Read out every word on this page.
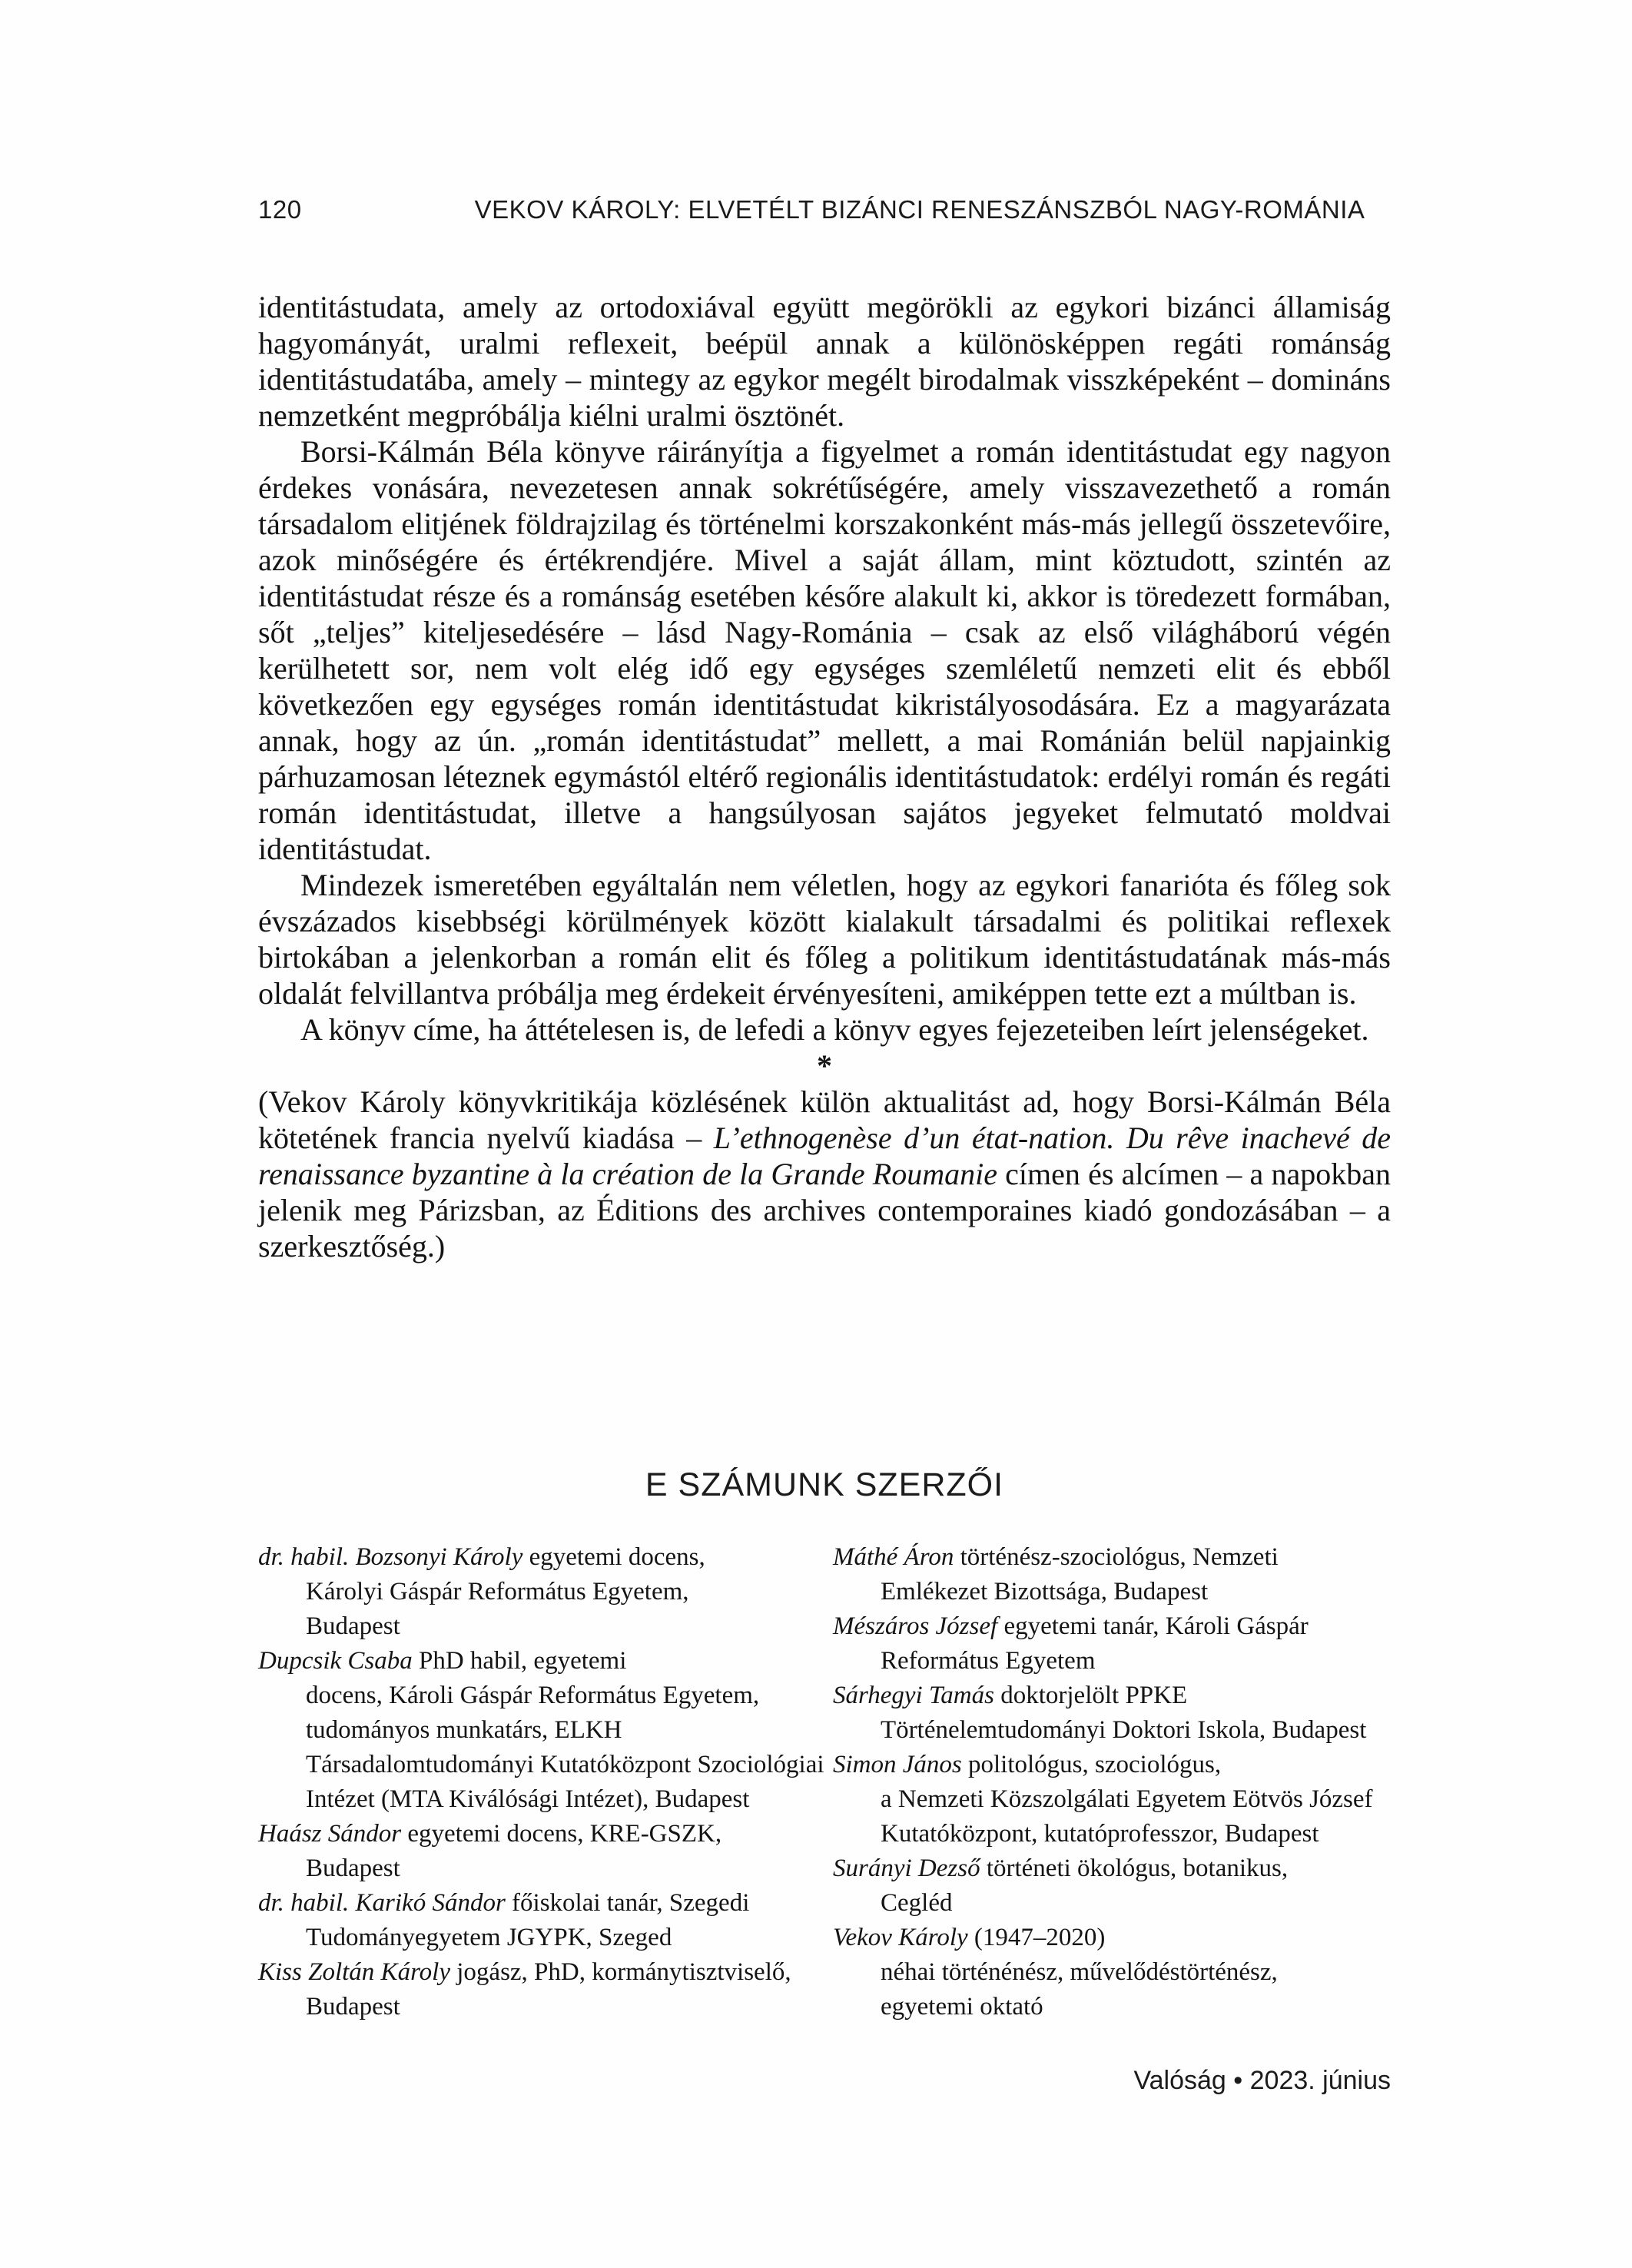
120	VEKOV KÁROLY: ELVETÉLT BIZÁNCI RENESZÁNSZBÓL NAGY-ROMÁNIA
identitástudata, amely az ortodoxiával együtt megörökli az egykori bizánci államiság hagyományát, uralmi reflexeit, beépül annak a különösképpen regáti románság identitástudatába, amely – mintegy az egykor megélt birodalmak visszképeként – domináns nemzetként megpróbálja kiélni uralmi ösztönét.
Borsi-Kálmán Béla könyve ráirányítja a figyelmet a román identitástudat egy nagyon érdekes vonására, nevezetesen annak sokrétűségére, amely visszavezethető a román társadalom elitjének földrajzilag és történelmi korszakonként más-más jellegű összetevőire, azok minőségére és értékrendjére. Mivel a saját állam, mint köztudott, szintén az identitástudat része és a románság esetében későre alakult ki, akkor is töredezett formában, sőt „teljes” kiteljesedésére – lásd Nagy-Románia – csak az első világháború végén kerülhetett sor, nem volt elég idő egy egységes szemléletű nemzeti elit és ebből következően egy egységes román identitástudat kikristályosodására. Ez a magyarázata annak, hogy az ún. „román identitástudat” mellett, a mai Románián belül napjainkig párhuzamosan léteznek egymástól eltérő regionális identitástudatok: erdélyi román és regáti román identitástudat, illetve a hangsúlyosan sajátos jegyeket felmutató moldvai identitástudat.
Mindezek ismeretében egyáltalán nem véletlen, hogy az egykori fanarióta és főleg sok évszázados kisebbségi körülmények között kialakult társadalmi és politikai reflexek birtokában a jelenkorban a román elit és főleg a politikum identitástudatának más-más oldalát felvillantva próbálja meg érdekeit érvényesíteni, amiképpen tette ezt a múltban is.
A könyv címe, ha áttételesen is, de lefedi a könyv egyes fejezeteiben leírt jelenségeket.
*
(Vekov Károly könyvkritikája közlésének külön aktualitást ad, hogy Borsi-Kálmán Béla kötetének francia nyelvű kiadása – L’ethnogenèse d’un état-nation. Du rêve inachevé de renaissance byzantine à la création de la Grande Roumanie címen és alcímen – a napokban jelenik meg Párizsban, az Éditions des archives contemporaines kiadó gondozásában – a szerkesztőség.)
E SZÁMUNK SZERZŐI
dr. habil. Bozsonyi Károly egyetemi docens,
Károlyi Gáspár Református Egyetem,
Budapest
Dupcsik Csaba PhD habil, egyetemi
docens, Károli Gáspár Református Egyetem,
tudományos munkatárs, ELKH
Társadalomtudományi Kutatóközpont Szociológiai
Intézet (MTA Kiválósági Intézet), Budapest
Haász Sándor egyetemi docens, KRE-GSZK,
Budapest
dr. habil. Karikó Sándor főiskolai tanár, Szegedi
Tudományegyetem JGYPK, Szeged
Kiss Zoltán Károly jogász, PhD, kormánytisztviselő,
Budapest
Máthé Áron történész-szociológus, Nemzeti
Emlékezet Bizottsága, Budapest
Mészáros József egyetemi tanár, Károli Gáspár
Református Egyetem
Sárhegyi Tamás doktorjelölt PPKE
Történelemtudományi Doktori Iskola, Budapest
Simon János politológus, szociológus,
a Nemzeti Közszolgálati Egyetem Eötvös József
Kutatóközpont, kutatóprofesszor, Budapest
Surányi Dezső történeti ökológus, botanikus,
Cegléd
Vekov Károly (1947–2020)
néhai történénész, művelődéstörténész,
egyetemi oktató
Valóság • 2023. június
